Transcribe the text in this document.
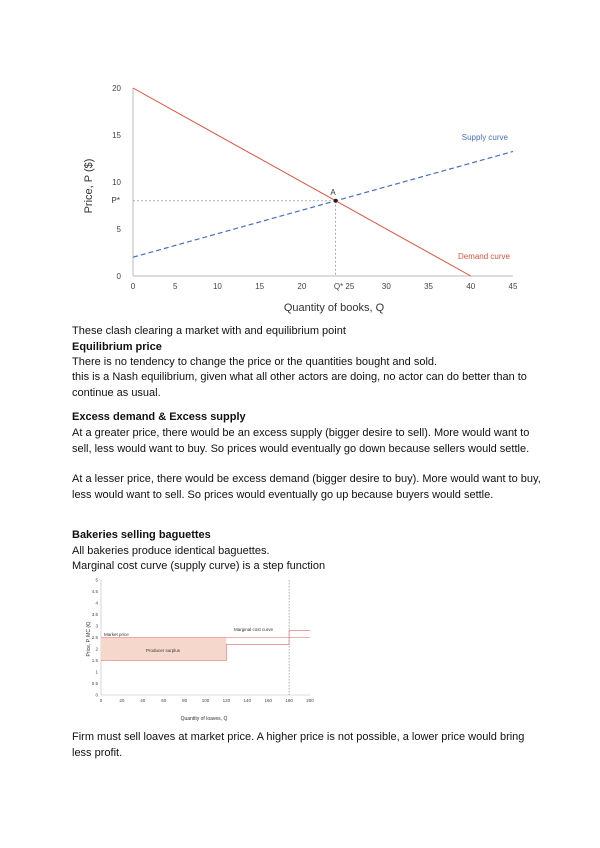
0	5	10	15	20	Q* 25	30	35	40	45
0
5
10
15
20
Quantity of books, Q
Price, P ($)
Supply curve
Demand curve
A
P*

These clash clearing a market with and equilibrium point

Equilibrium price

There is no tendency to change the price or the quantities bought and sold.

this is a Nash equilibrium, given what all other actors are doing, no actor can do better than to continue as usual.

Excess demand & Excess supply

At a greater price, there would be an excess supply (bigger desire to sell). More would want to sell, less would want to buy. So prices would eventually go down because sellers would settle.

At a lesser price, there would be excess demand (bigger desire to buy). More would want to buy, less would want to sell. So prices would eventually go up because buyers would settle.

Bakeries selling baguettes

All bakeries produce identical baguettes.

Marginal cost curve (supply curve) is a step function

0	20	40	60	80	100	120	140	160	180	200
0
0.5
1
1.5
2
2.5
3
3.5
4
4.5
5
Quantity of loaves, Q
Price, P, MC (€)	Market price
Producer surplus
Marginal cost curve

Firm must sell loaves at market price. A higher price is not possible, a lower price would bring less profit.
